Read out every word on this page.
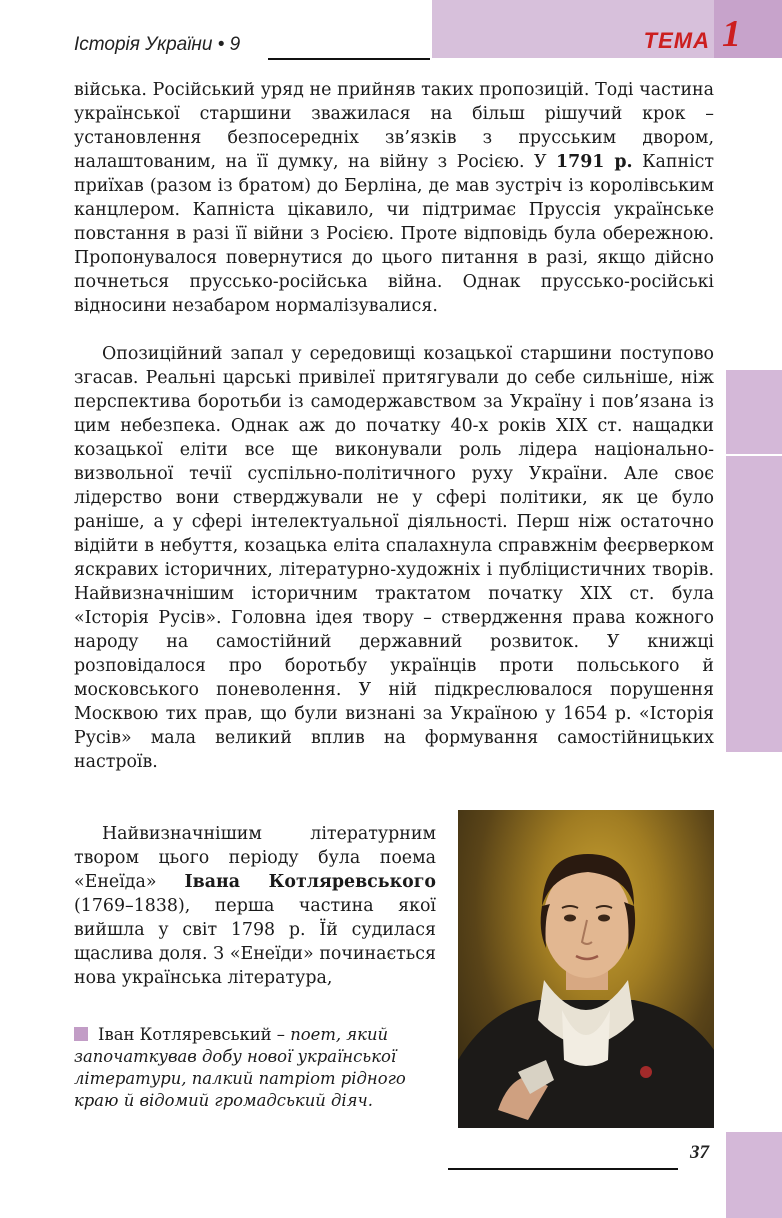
Історія України • 9	ТЕМА 1

війська. Російський уряд не прийняв таких пропозицій. Тоді частина української старшини зважилася на більш рішучий крок – установлення безпосередніх зв’язків з прусським двором, налаштованим, на її думку, на війну з Росією. У 1791 р. Капніст приїхав (разом із братом) до Берліна, де мав зустріч із королівським канцлером. Капніста цікавило, чи підтримає Пруссія українське повстання в разі її війни з Росією. Проте відповідь була обережною. Пропонувалося повернутися до цього питання в разі, якщо дійсно почнеться пруссько-російська війна. Однак пруссько-російські відносини незабаром нормалізувалися.

Опозиційний запал у середовищі козацької старшини поступово згасав. Реальні царські привілеї притягували до себе сильніше, ніж перспектива боротьби із самодержавством за Україну і пов’язана із цим небезпека. Однак аж до початку 40-х років XIX ст. нащадки козацької еліти все ще виконували роль лідера національно-визвольної течії суспільно-політичного руху України. Але своє лідерство вони стверджували не у сфері політики, як це було раніше, а у сфері інтелектуальної діяльності. Перш ніж остаточно відійти в небуття, козацька еліта спалахнула справжнім феєрверком яскравих історичних, літературно-художніх і публіцистичних творів. Найвизначнішим історичним трактатом початку XIX ст. була «Історія Русів». Головна ідея твору – ствердження права кожного народу на самостійний державний розвиток. У книжці розповідалося про боротьбу українців проти польського й московського поневолення. У ній підкреслювалося порушення Москвою тих прав, що були визнані за Україною у 1654 р. «Історія Русів» мала великий вплив на формування самостійницьких настроїв.

Найвизначнішим літературним твором цього періоду була поема «Енеїда» Івана Котляревського (1769–1838), перша частина якої вийшла у світ 1798 р. Їй судилася щаслива доля. З «Енеїди» починається нова українська література,

Іван Котляревський – поет, який започаткував добу нової української літератури, палкий патріот рідного краю й відомий громадський діяч.
37
